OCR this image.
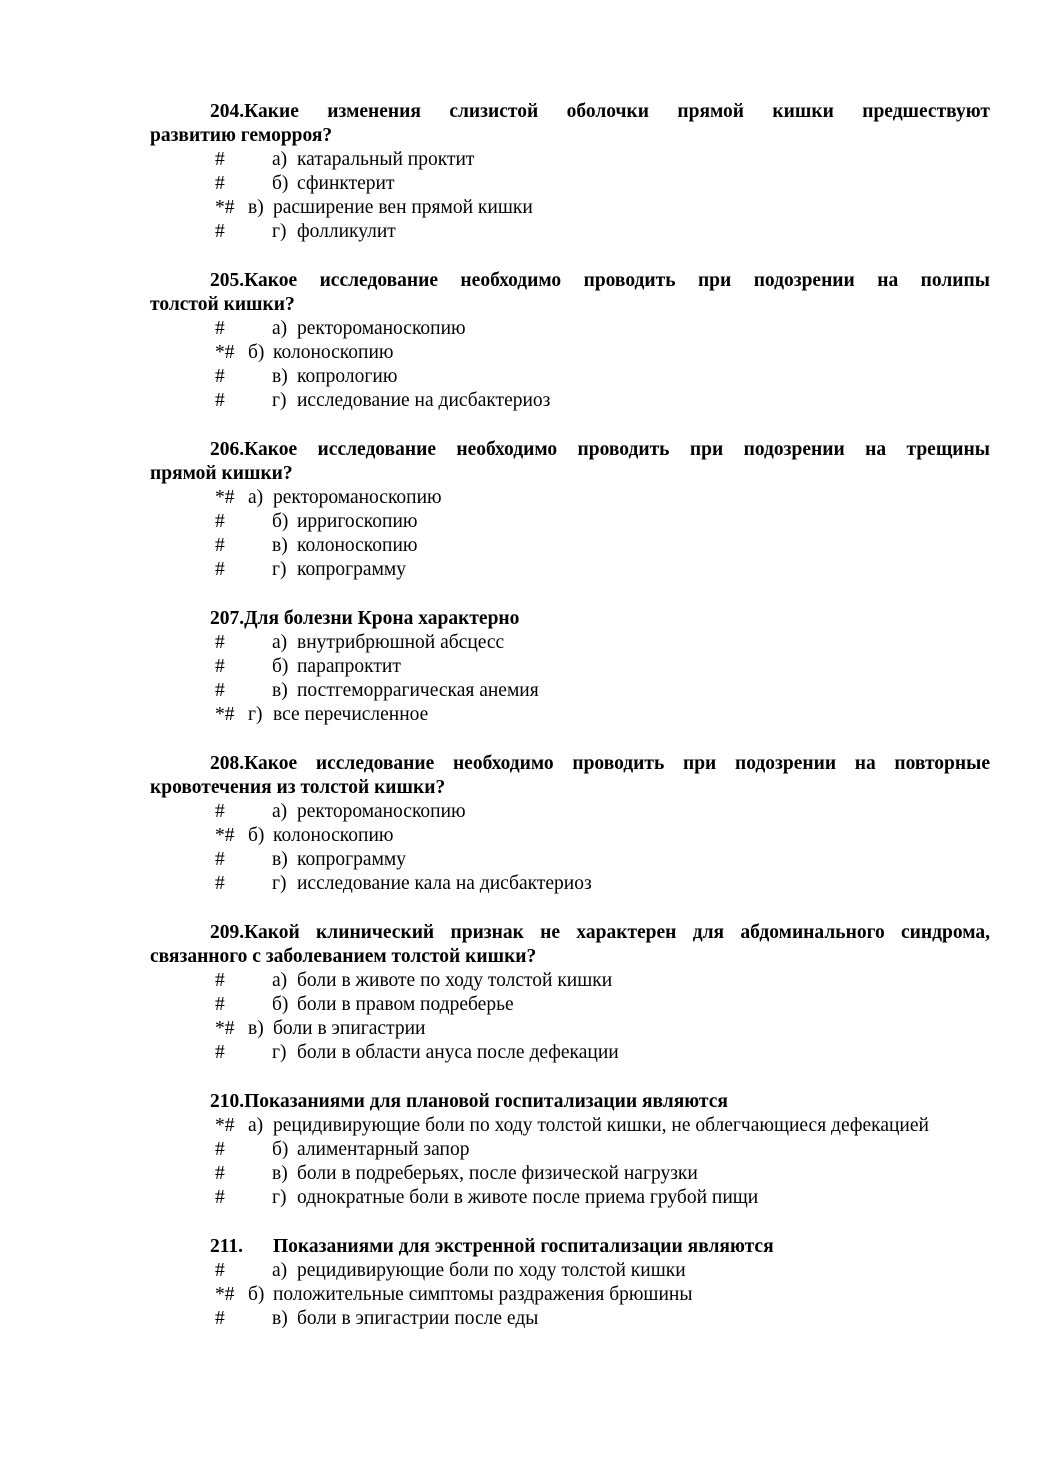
204.Какие изменения слизистой оболочки прямой кишки предшествуют
развитию геморроя?
# а) катаральный проктит
# б) сфинктерит
*# в) расширение вен прямой кишки
# г) фолликулит
205.Какое исследование необходимо проводить при подозрении на полипы
толстой кишки?
# а) ректороманоскопию
*# б) колоноскопию
# в) копрологию
# г) исследование на дисбактериоз
206.Какое исследование необходимо проводить при подозрении на трещины
прямой кишки?
*# а) ректороманоскопию
# б) ирригоскопию
# в) колоноскопию
# г) копрограмму
207.Для болезни Крона характерно
# а) внутрибрюшной абсцесс
# б) парапроктит
# в) постгеморрагическая анемия
*# г) все перечисленное
208.Какое исследование необходимо проводить при подозрении на повторные
кровотечения из толстой кишки?
# а) ректороманоскопию
*# б) колоноскопию
# в) копрограмму
# г) исследование кала на дисбактериоз
209.Какой клинический признак не характерен для абдоминального синдрома,
связанного с заболеванием толстой кишки?
# а) боли в животе по ходу толстой кишки
# б) боли в правом подреберье
*# в) боли в эпигастрии
# г) боли в области ануса после дефекации
210.Показаниями для плановой госпитализации являются
*# а) рецидивирующие боли по ходу толстой кишки, не облегчающиеся дефекацией
# б) алиментарный запор
# в) боли в подреберьях, после физической нагрузки
# г) однократные боли в животе после приема грубой пищи
211. Показаниями для экстренной госпитализации являются
# а) рецидивирующие боли по ходу толстой кишки
*# б) положительные симптомы раздражения брюшины
# в) боли в эпигастрии после еды
